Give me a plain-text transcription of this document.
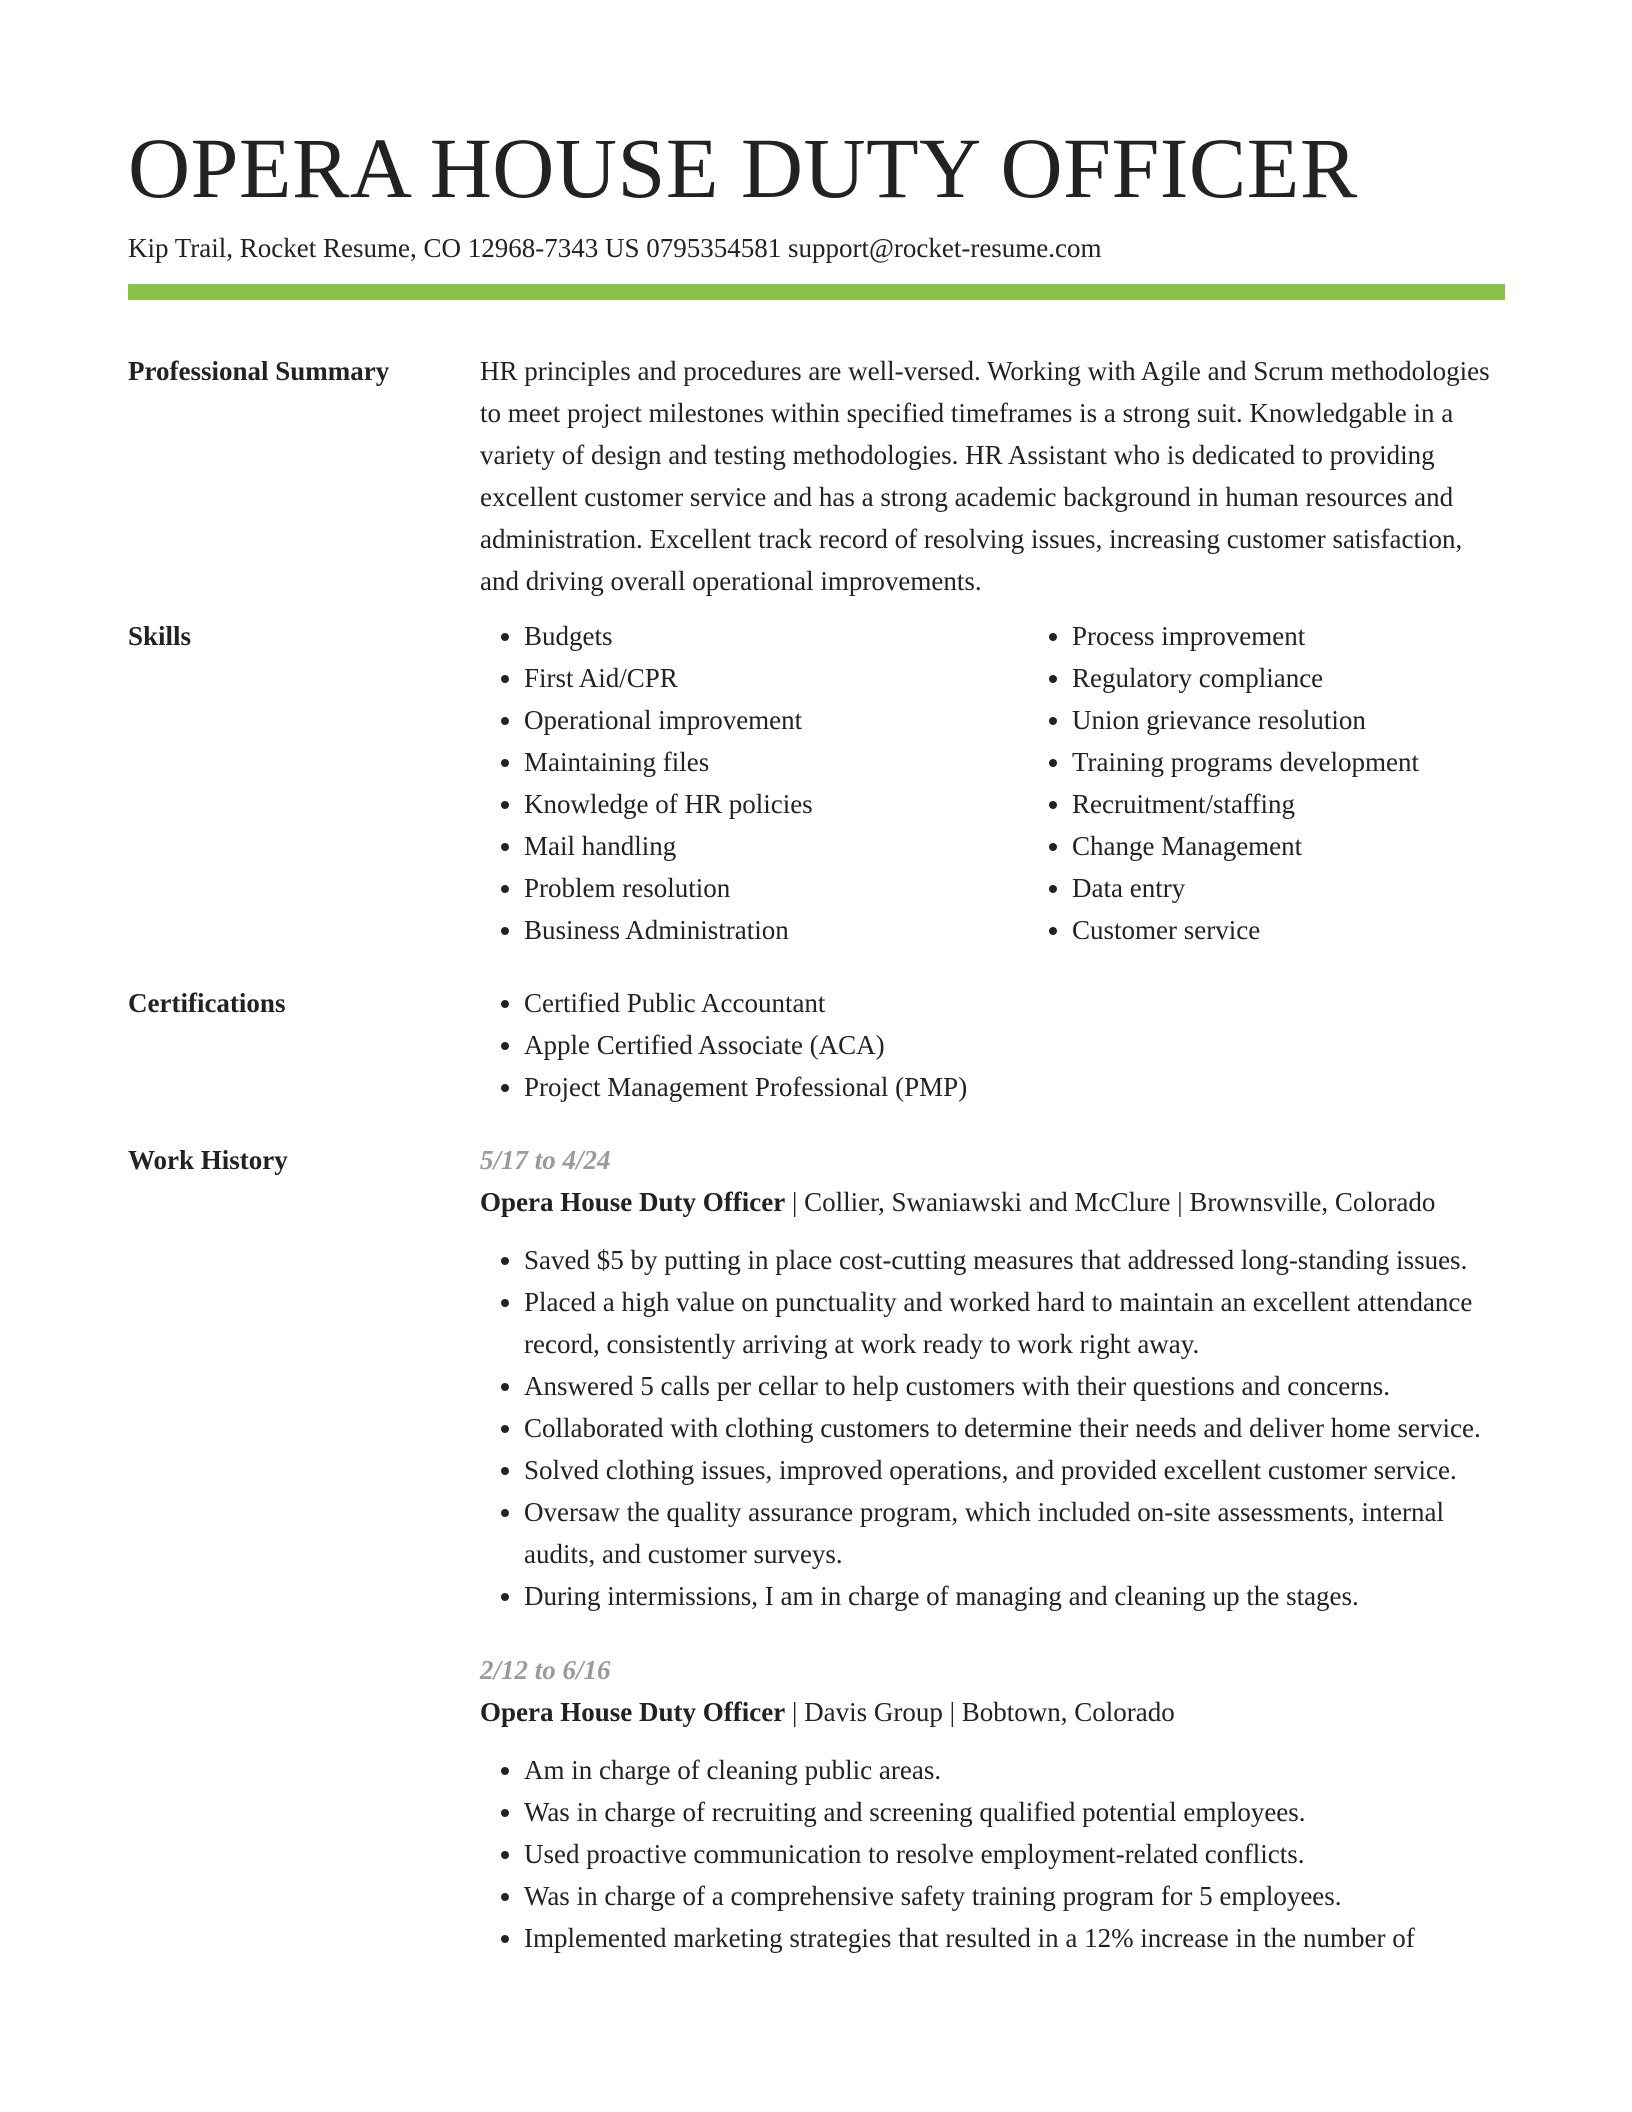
OPERA HOUSE DUTY OFFICER
Kip Trail, Rocket Resume, CO 12968-7343 US 0795354581 support@rocket-resume.com
Professional Summary	HR principles and procedures are well-versed. Working with Agile and Scrum methodologies to meet project milestones within specified timeframes is a strong suit. Knowledgable in a variety of design and testing methodologies. HR Assistant who is dedicated to providing excellent customer service and has a strong academic background in human resources and administration. Excellent track record of resolving issues, increasing customer satisfaction, and driving overall operational improvements.

Skills	• Budgets
• First Aid/CPR
• Operational improvement
• Maintaining files
• Knowledge of HR policies
• Mail handling
• Problem resolution
• Business Administration
• Process improvement
• Regulatory compliance
• Union grievance resolution
• Training programs development
• Recruitment/staffing
• Change Management
• Data entry
• Customer service
Certifications	• Certified Public Accountant
• Apple Certified Associate (ACA)
• Project Management Professional (PMP)
Work History	5/17 to 4/24
Opera House Duty Officer | Collier, Swaniawski and McClure | Brownsville, Colorado
• Saved $5 by putting in place cost-cutting measures that addressed long-standing issues.
• Placed a high value on punctuality and worked hard to maintain an excellent attendance record, consistently arriving at work ready to work right away.
• Answered 5 calls per cellar to help customers with their questions and concerns.
• Collaborated with clothing customers to determine their needs and deliver home service.
• Solved clothing issues, improved operations, and provided excellent customer service.
• Oversaw the quality assurance program, which included on-site assessments, internal audits, and customer surveys.
• During intermissions, I am in charge of managing and cleaning up the stages.
2/12 to 6/16
Opera House Duty Officer | Davis Group | Bobtown, Colorado
• Am in charge of cleaning public areas.
• Was in charge of recruiting and screening qualified potential employees.
• Used proactive communication to resolve employment-related conflicts.
• Was in charge of a comprehensive safety training program for 5 employees.
• Implemented marketing strategies that resulted in a 12% increase in the number of
